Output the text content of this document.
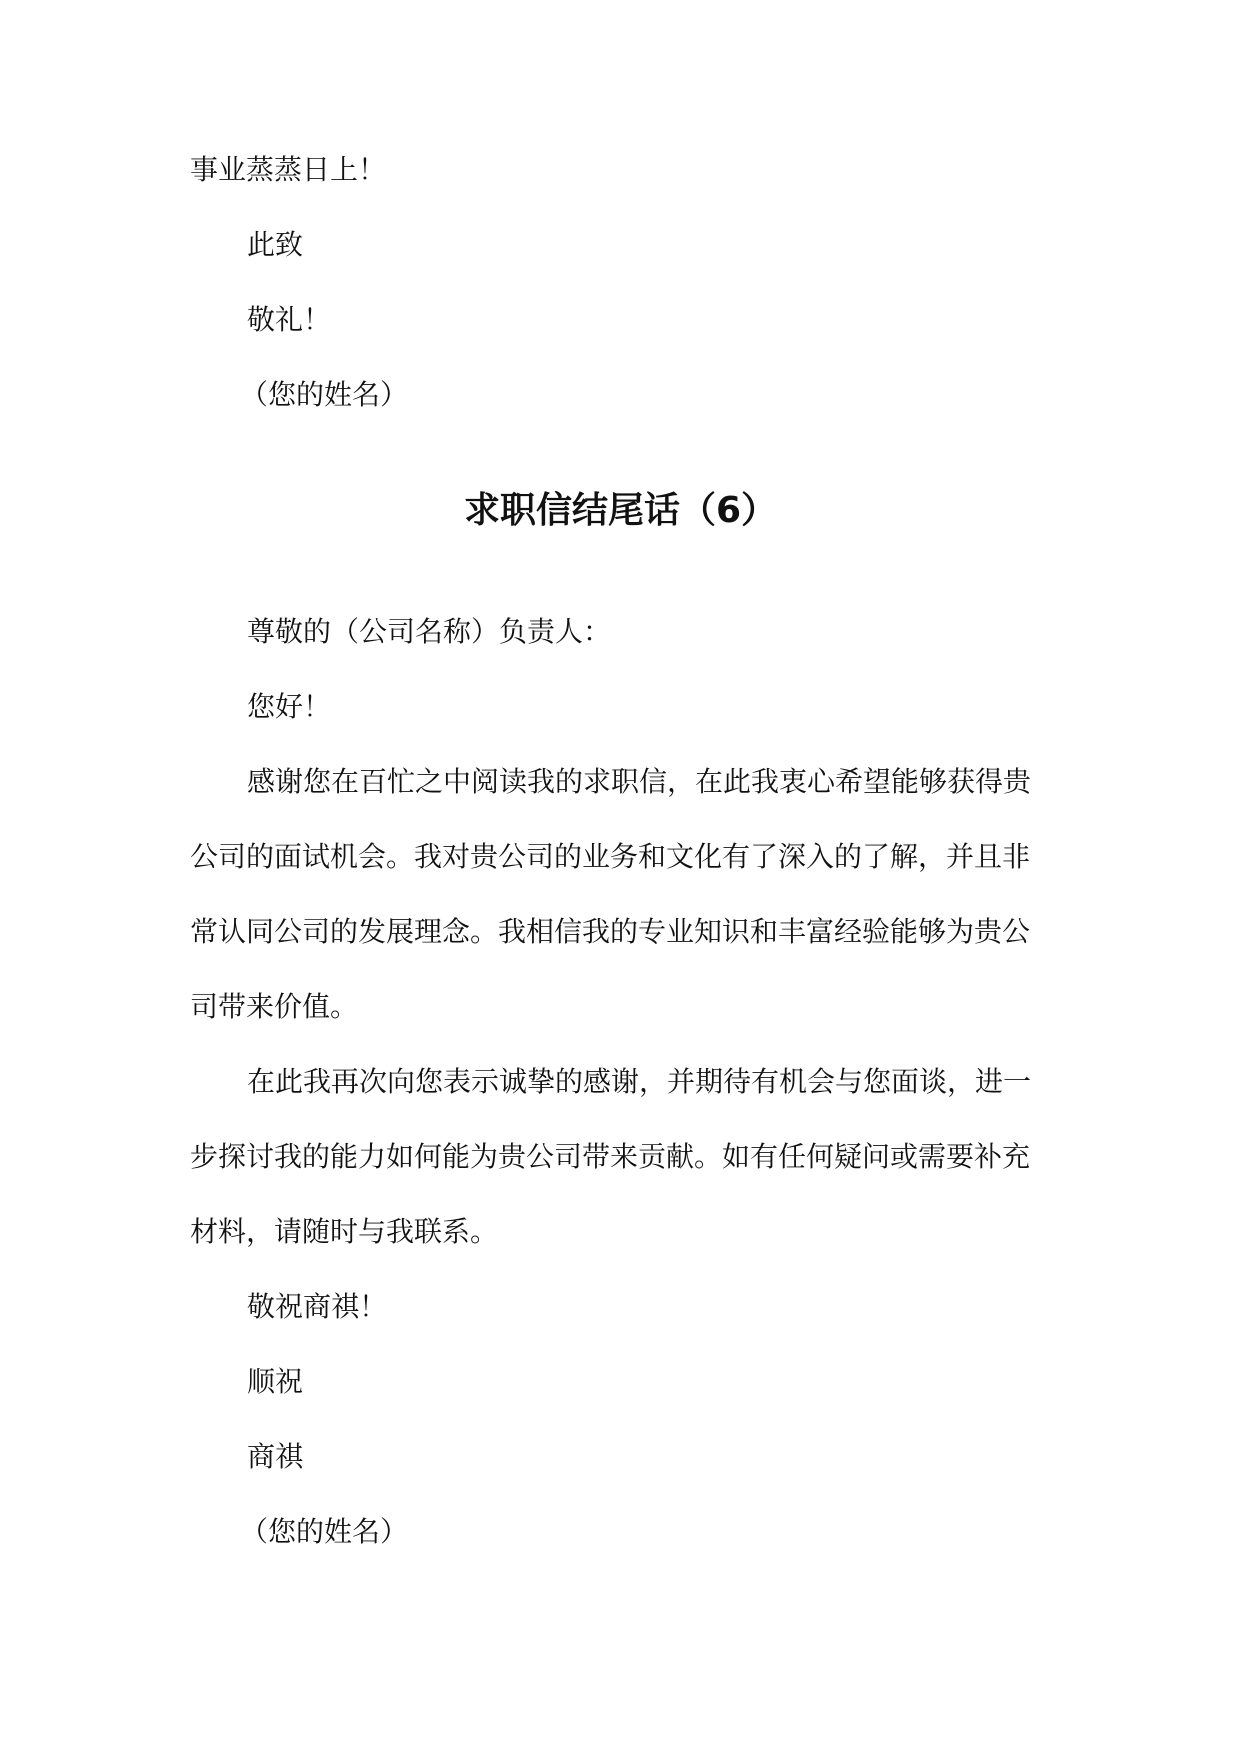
事业蒸蒸日上！
此致
敬礼！
（您的姓名）
求职信结尾话（6）
尊敬的（公司名称）负责人：
您好！
感谢您在百忙之中阅读我的求职信，在此我衷心希望能够获得贵
公司的面试机会。我对贵公司的业务和文化有了深入的了解，并且非
常认同公司的发展理念。我相信我的专业知识和丰富经验能够为贵公
司带来价值。
在此我再次向您表示诚挚的感谢，并期待有机会与您面谈，进一
步探讨我的能力如何能为贵公司带来贡献。如有任何疑问或需要补充
材料，请随时与我联系。
敬祝商祺！
顺祝
商祺
（您的姓名）
